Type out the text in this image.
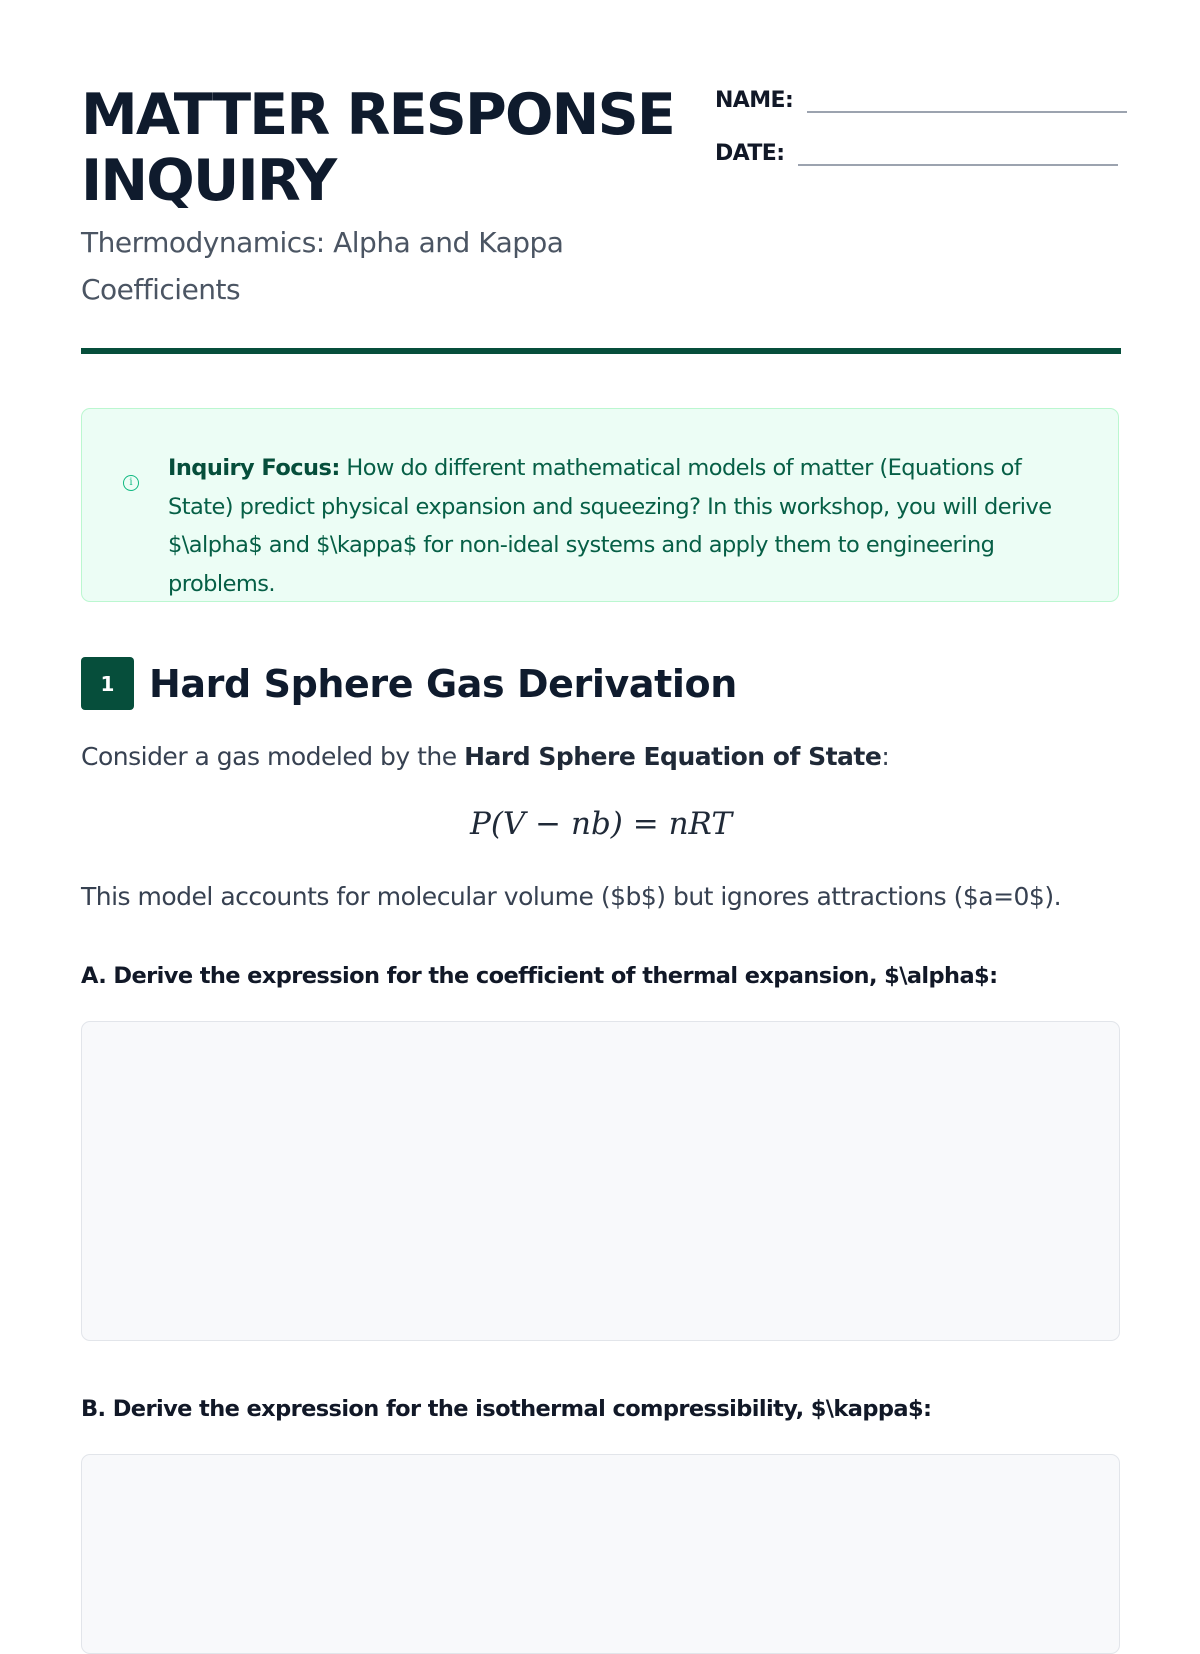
MATTER RESPONSE INQUIRY
Thermodynamics: Alpha and Kappa Coefficients
NAME:
DATE:
i
Inquiry Focus: How do different mathematical models of matter (Equations of State) predict physical expansion and squeezing? In this workshop, you will derive $\alpha$ and $\kappa$ for non-ideal systems and apply them to engineering problems.
1 Hard Sphere Gas Derivation
Consider a gas modeled by the Hard Sphere Equation of State:
P(V − nb) = nRT
This model accounts for molecular volume ($b$) but ignores attractions ($a=0$).
A. Derive the expression for the coefficient of thermal expansion, $\alpha$:
B. Derive the expression for the isothermal compressibility, $\kappa$:
